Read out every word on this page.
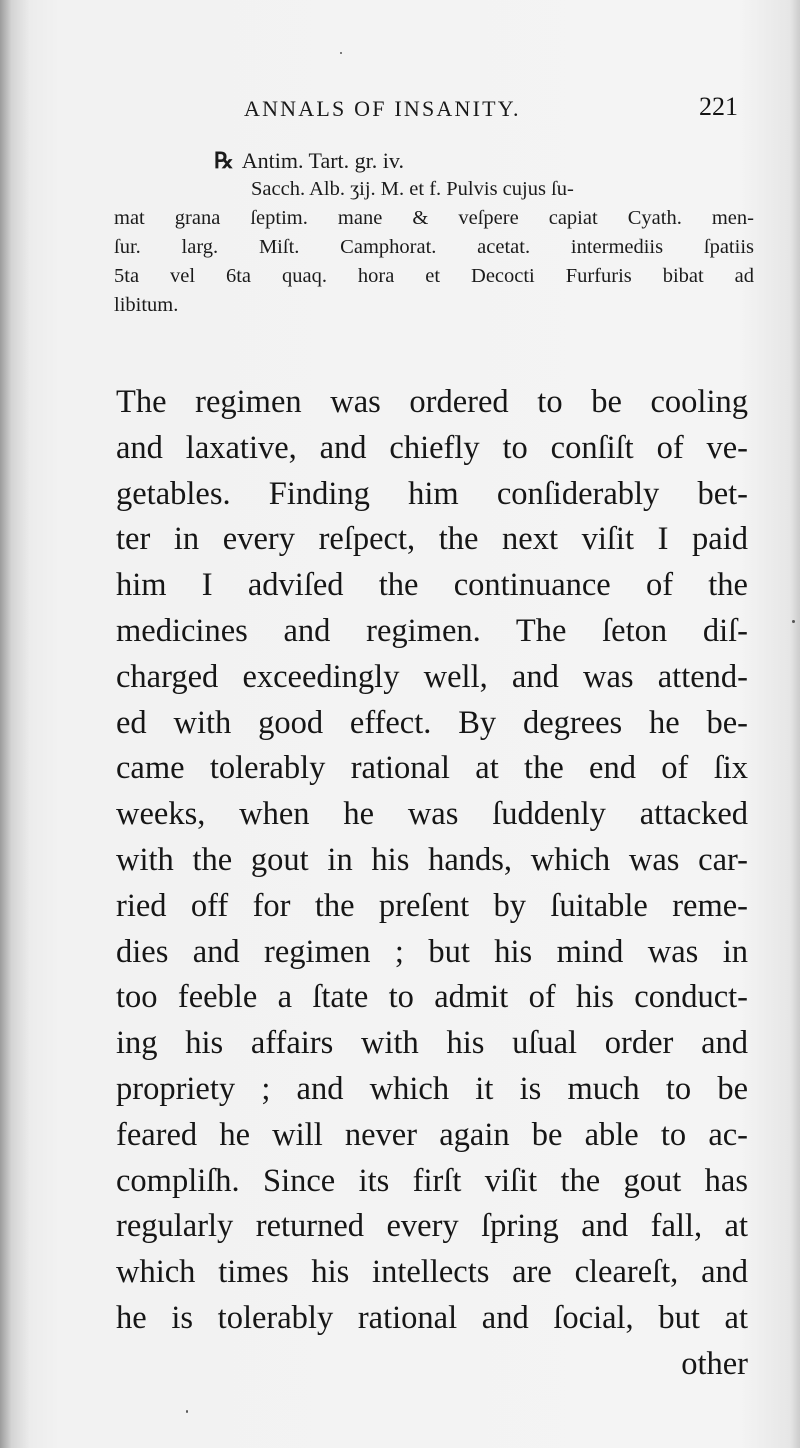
ANNALS OF INSANITY.	221
℞ Antim. Tart. gr. iv.
Sacch. Alb. ʒij. M. et f. Pulvis cujus ſu-
mat grana ſeptim. mane & veſpere capiat Cyath. men-
ſur. larg. Miſt. Camphorat. acetat. intermediis ſpatiis
5ta vel 6ta quaq. hora et Decocti Furfuris bibat ad
libitum.
The regimen was ordered to be cooling
and laxative, and chiefly to conſiſt of ve-
getables. Finding him conſiderably bet-
ter in every reſpect, the next viſit I paid
him I adviſed the continuance of the
medicines and regimen. The ſeton diſ-
charged exceedingly well, and was attend-
ed with good effect. By degrees he be-
came tolerably rational at the end of ſix
weeks, when he was ſuddenly attacked
with the gout in his hands, which was car-
ried off for the preſent by ſuitable reme-
dies and regimen ; but his mind was in
too feeble a ſtate to admit of his conduct-
ing his affairs with his uſual order and
propriety ; and which it is much to be
feared he will never again be able to ac-
compliſh. Since its firſt viſit the gout has
regularly returned every ſpring and fall, at
which times his intellects are cleareſt, and
he is tolerably rational and ſocial, but at
other
